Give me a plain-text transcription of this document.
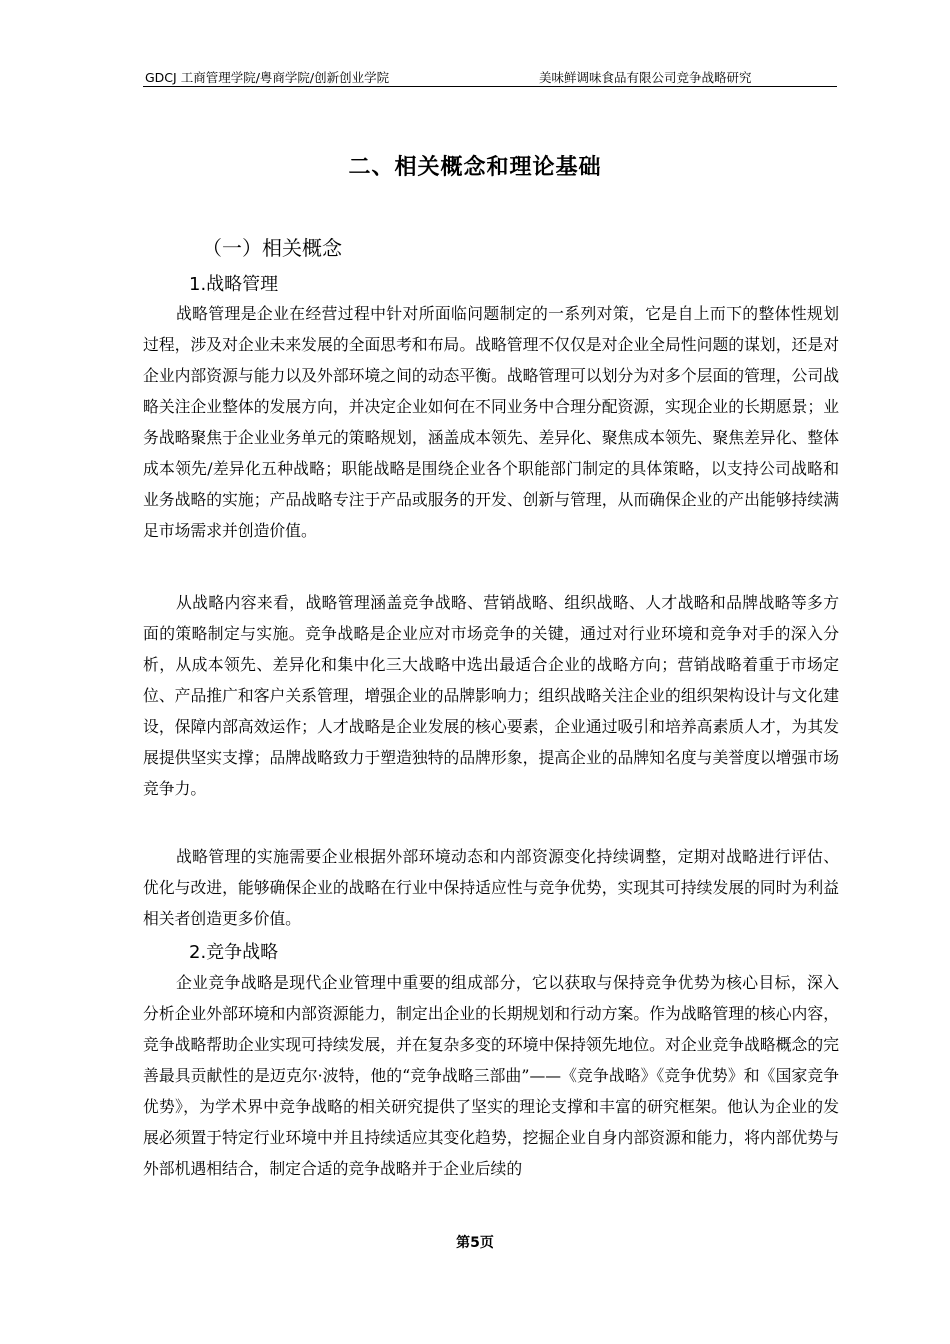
GDCJ 工商管理学院/粤商学院/创新创业学院	美味鲜调味食品有限公司竞争战略研究
二、相关概念和理论基础
（一）相关概念
1.战略管理

战略管理是企业在经营过程中针对所面临问题制定的一系列对策，它是自上而下的整体性规划过程，涉及对企业未来发展的全面思考和布局。战略管理不仅仅是对企业全局性问题的谋划，还是对企业内部资源与能力以及外部环境之间的动态平衡。战略管理可以划分为对多个层面的管理，公司战略关注企业整体的发展方向，并决定企业如何在不同业务中合理分配资源，实现企业的长期愿景；业务战略聚焦于企业业务单元的策略规划，涵盖成本领先、差异化、聚焦成本领先、聚焦差异化、整体成本领先/差异化五种战略；职能战略是围绕企业各个职能部门制定的具体策略，以支持公司战略和业务战略的实施；产品战略专注于产品或服务的开发、创新与管理，从而确保企业的产出能够持续满足市场需求并创造价值。

从战略内容来看，战略管理涵盖竞争战略、营销战略、组织战略、人才战略和品牌战略等多方面的策略制定与实施。竞争战略是企业应对市场竞争的关键，通过对行业环境和竞争对手的深入分析，从成本领先、差异化和集中化三大战略中选出最适合企业的战略方向；营销战略着重于市场定位、产品推广和客户关系管理，增强企业的品牌影响力；组织战略关注企业的组织架构设计与文化建设，保障内部高效运作；人才战略是企业发展的核心要素，企业通过吸引和培养高素质人才，为其发展提供坚实支撑；品牌战略致力于塑造独特的品牌形象，提高企业的品牌知名度与美誉度以增强市场竞争力。

战略管理的实施需要企业根据外部环境动态和内部资源变化持续调整，定期对战略进行评估、优化与改进，能够确保企业的战略在行业中保持适应性与竞争优势，实现其可持续发展的同时为利益相关者创造更多价值。

2.竞争战略

企业竞争战略是现代企业管理中重要的组成部分，它以获取与保持竞争优势为核心目标，深入分析企业外部环境和内部资源能力，制定出企业的长期规划和行动方案。作为战略管理的核心内容，竞争战略帮助企业实现可持续发展，并在复杂多变的环境中保持领先地位。对企业竞争战略概念的完善最具贡献性的是迈克尔·波特，他的“竞争战略三部曲”——《竞争战略》《竞争优势》和《国家竞争优势》，为学术界中竞争战略的相关研究提供了坚实的理论支撑和丰富的研究框架。他认为企业的发展必须置于特定行业环境中并且持续适应其变化趋势，挖掘企业自身内部资源和能力，将内部优势与外部机遇相结合，制定合适的竞争战略并于企业后续的

第5页
